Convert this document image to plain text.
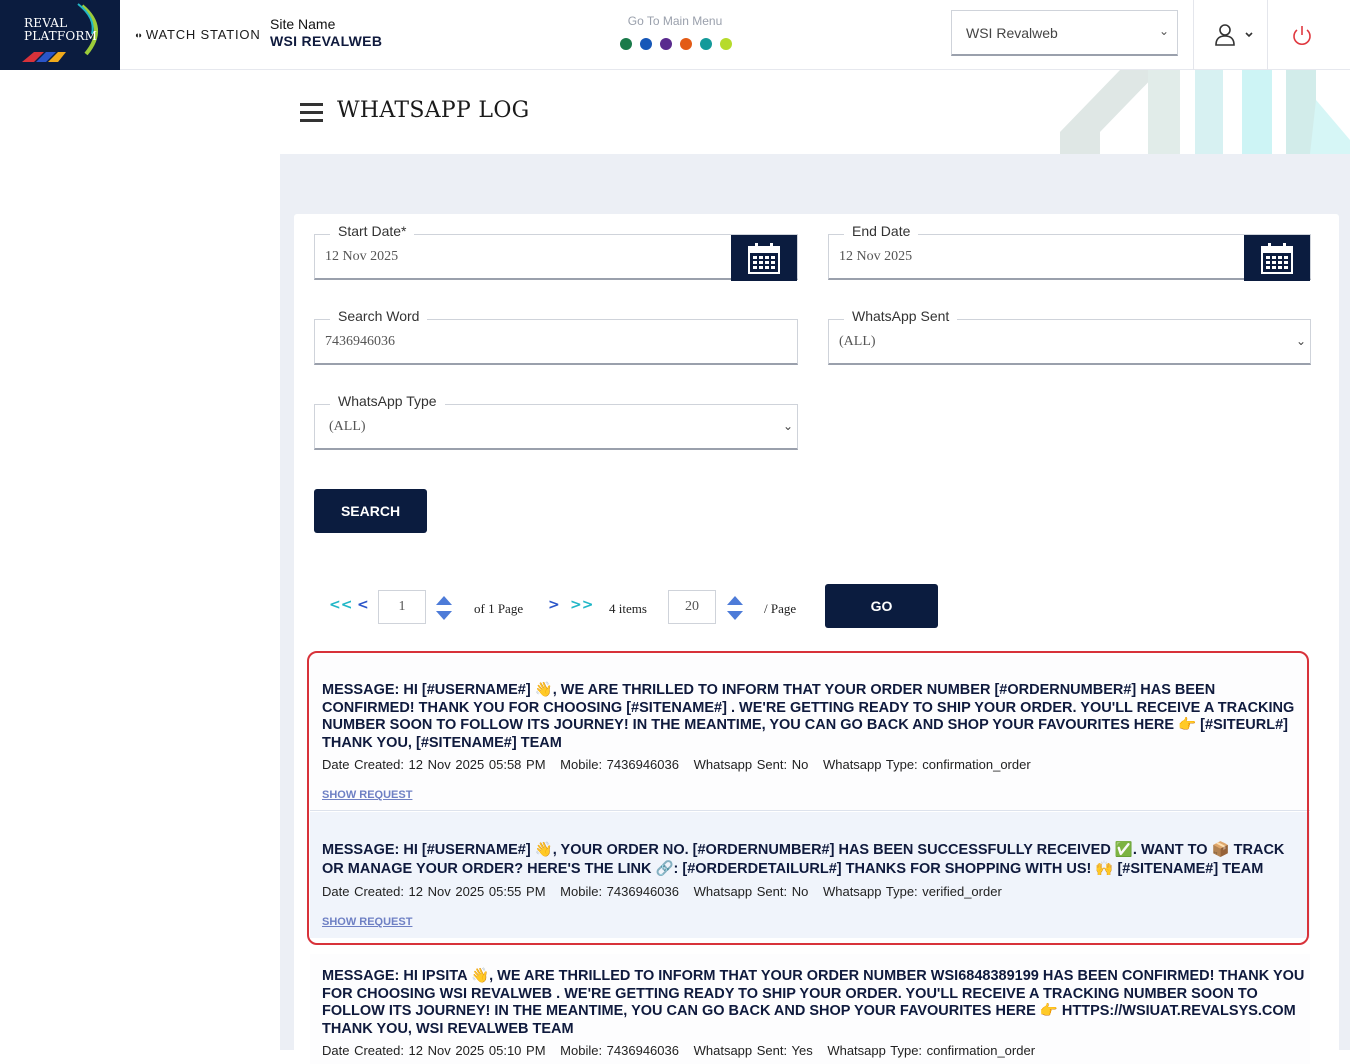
REVAL
PLATFORM	◖◗ WATCH STATION
Site Name
WSI REVALWEB
Go To Main Menu
WSI Revalweb	⌄
WHATSAPP LOG
12 Nov 2025
Start Date*
12 Nov 2025
End Date
7436946036
Search Word
(ALL)	⌄
WhatsApp Sent
(ALL)	⌄
WhatsApp Type
SEARCH
<< <	1	of 1 Page > >> 4 items	20	/ Page	GO
MESSAGE: HI [#USERNAME#] 👋, WE ARE THRILLED TO INFORM THAT YOUR ORDER NUMBER [#ORDERNUMBER#] HAS BEEN CONFIRMED! THANK YOU FOR CHOOSING [#SITENAME#] . WE'RE GETTING READY TO SHIP YOUR ORDER. YOU'LL RECEIVE A TRACKING NUMBER SOON TO FOLLOW ITS JOURNEY! IN THE MEANTIME, YOU CAN GO BACK AND SHOP YOUR FAVOURITES HERE 👉 [#SITEURL#] THANK YOU, [#SITENAME#] TEAM
Date Created: 12 Nov 2025 05:58 PM Mobile: 7436946036 Whatsapp Sent: No Whatsapp Type: confirmation_order
SHOW REQUEST
MESSAGE: HI [#USERNAME#] 👋, YOUR ORDER NO. [#ORDERNUMBER#] HAS BEEN SUCCESSFULLY RECEIVED ✅. WANT TO 📦 TRACK OR MANAGE YOUR ORDER? HERE'S THE LINK 🔗: [#ORDERDETAILURL#] THANKS FOR SHOPPING WITH US! 🙌 [#SITENAME#] TEAM
Date Created: 12 Nov 2025 05:55 PM Mobile: 7436946036 Whatsapp Sent: No Whatsapp Type: verified_order
SHOW REQUEST
MESSAGE: HI IPSITA 👋, WE ARE THRILLED TO INFORM THAT YOUR ORDER NUMBER WSI6848389199 HAS BEEN CONFIRMED! THANK YOU FOR CHOOSING WSI REVALWEB . WE'RE GETTING READY TO SHIP YOUR ORDER. YOU'LL RECEIVE A TRACKING NUMBER SOON TO FOLLOW ITS JOURNEY! IN THE MEANTIME, YOU CAN GO BACK AND SHOP YOUR FAVOURITES HERE 👉 HTTPS://WSIUAT.REVALSYS.COM THANK YOU, WSI REVALWEB TEAM
Date Created: 12 Nov 2025 05:10 PM Mobile: 7436946036 Whatsapp Sent: Yes Whatsapp Type: confirmation_order
